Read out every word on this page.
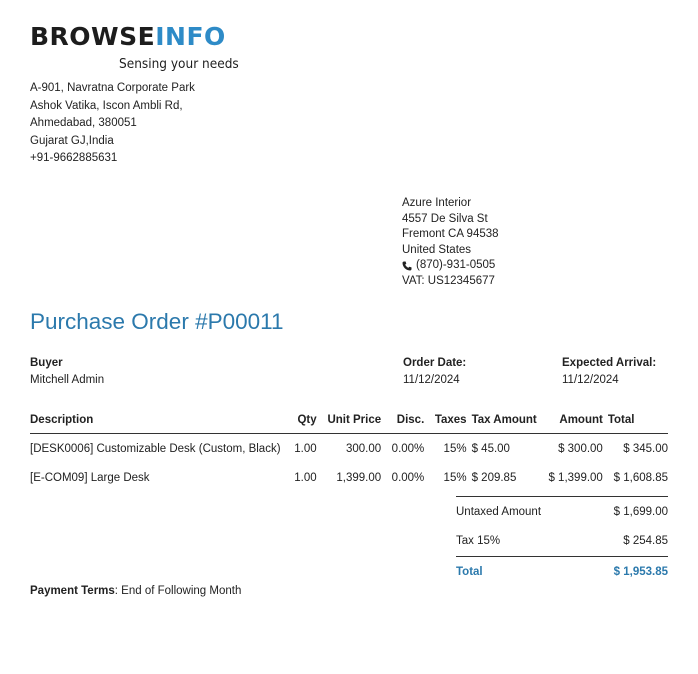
BROWSEINFO
Sensing your needs
A-901, Navratna Corporate Park
Ashok Vatika, Iscon Ambli Rd,
Ahmedabad, 380051
Gujarat GJ,India
+91-9662885631
Azure Interior
4557 De Silva St
Fremont CA 94538
United States
(870)-931-0505
VAT: US12345677
Purchase Order #P00011
Buyer
Mitchell Admin
Order Date:
11/12/2024
Expected Arrival:
11/12/2024
Description	Qty	Unit Price	Disc.	Taxes	Tax Amount	Amount	Total
[DESK0006] Customizable Desk (Custom, Black)	1.00	300.00	0.00%	15%	$ 45.00	$ 300.00	$ 345.00
[E-COM09] Large Desk	1.00	1,399.00	0.00%	15%	$ 209.85	$ 1,399.00	$ 1,608.85
Untaxed Amount	$ 1,699.00
Tax 15%	$ 254.85
Total	$ 1,953.85
Payment Terms: End of Following Month
